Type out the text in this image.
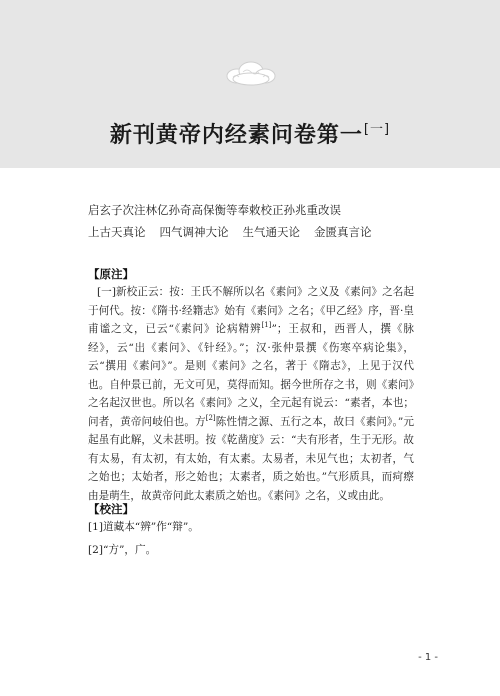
新刊黄帝内经素问卷第一[一]
启玄子次注林亿孙奇高保衡等奉敕校正孙兆重改误
上古天真论 四气调神大论 生气通天论 金匮真言论
【原注】

[一]新校正云：按：王氏不解所以名《素问》之义及《素问》之名起于何代。按：《隋书·经籍志》始有《素问》之名；《甲乙经》序，晋·皇甫谧之文，已云“《素问》论病精辨[1]”；王叔和，西晋人，撰《脉经》，云“出《素问》、《针经》。”；汉·张仲景撰《伤寒卒病论集》，云“撰用《素问》”。是则《素问》之名，著于《隋志》，上见于汉代也。自仲景已前，无文可见，莫得而知。据今世所存之书，则《素问》之名起汉世也。所以名《素问》之义，全元起有说云：“素者，本也；问者，黄帝问岐伯也。方[2]陈性情之源、五行之本，故曰《素问》。”元起虽有此解，义未甚明。按《乾凿度》云：“夫有形者，生于无形。故有太易，有太初，有太始，有太素。太易者，未见气也；太初者，气之始也；太始者，形之始也；太素者，质之始也。”气形质具，而疴瘵由是萌生，故黄帝问此太素质之始也。《素问》之名，义或由此。

【校注】
[1]道藏本“辨”作“辩”。
[2]“方”，广。
- 1 -
